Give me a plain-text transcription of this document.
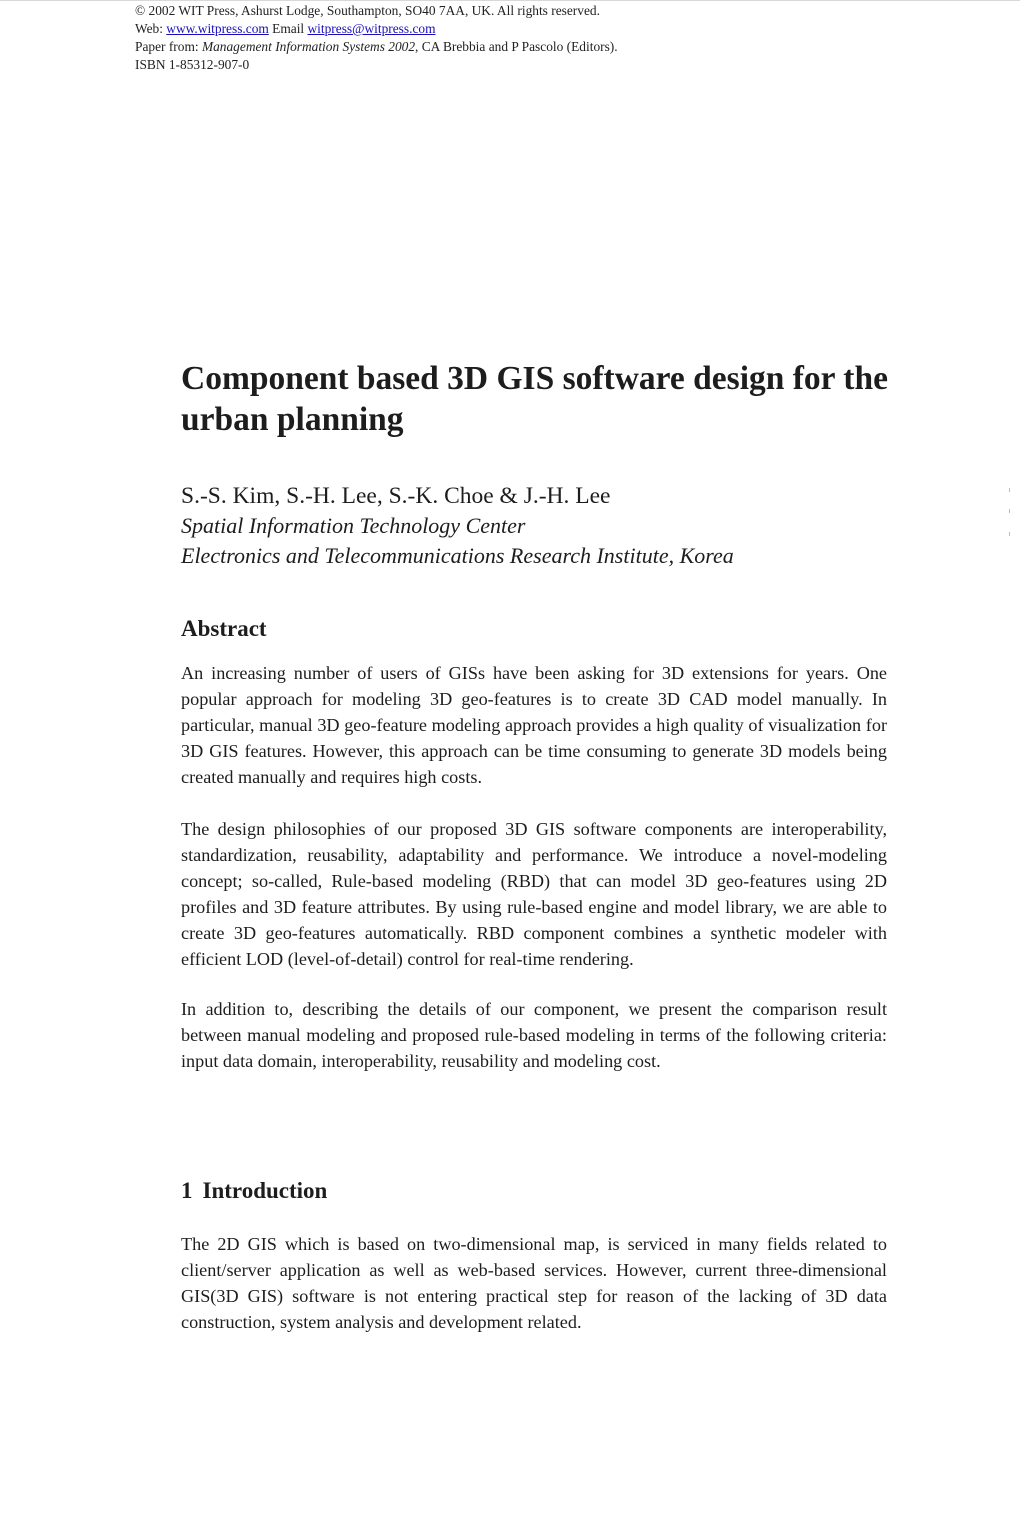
© 2002 WIT Press, Ashurst Lodge, Southampton, SO40 7AA, UK. All rights reserved.
Web: www.witpress.com Email witpress@witpress.com
Paper from: Management Information Systems 2002, CA Brebbia and P Pascolo (Editors).
ISBN 1-85312-907-0
Component based 3D GIS software design for the urban planning
S.-S. Kim, S.-H. Lee, S.-K. Choe & J.-H. Lee
Spatial Information Technology Center
Electronics and Telecommunications Research Institute, Korea
Abstract

An increasing number of users of GISs have been asking for 3D extensions for years. One popular approach for modeling 3D geo-features is to create 3D CAD model manually. In particular, manual 3D geo-feature modeling approach provides a high quality of visualization for 3D GIS features. However, this approach can be time consuming to generate 3D models being created manually and requires high costs.

The design philosophies of our proposed 3D GIS software components are interoperability, standardization, reusability, adaptability and performance. We introduce a novel-modeling concept; so-called, Rule-based modeling (RBD) that can model 3D geo-features using 2D profiles and 3D feature attributes. By using rule-based engine and model library, we are able to create 3D geo-features automatically. RBD component combines a synthetic modeler with efficient LOD (level-of-detail) control for real-time rendering.

In addition to, describing the details of our component, we present the comparison result between manual modeling and proposed rule-based modeling in terms of the following criteria: input data domain, interoperability, reusability and modeling cost.

1 Introduction

The 2D GIS which is based on two-dimensional map, is serviced in many fields related to client/server application as well as web-based services. However, current three-dimensional GIS(3D GIS) software is not entering practical step for reason of the lacking of 3D data construction, system analysis and development related.
